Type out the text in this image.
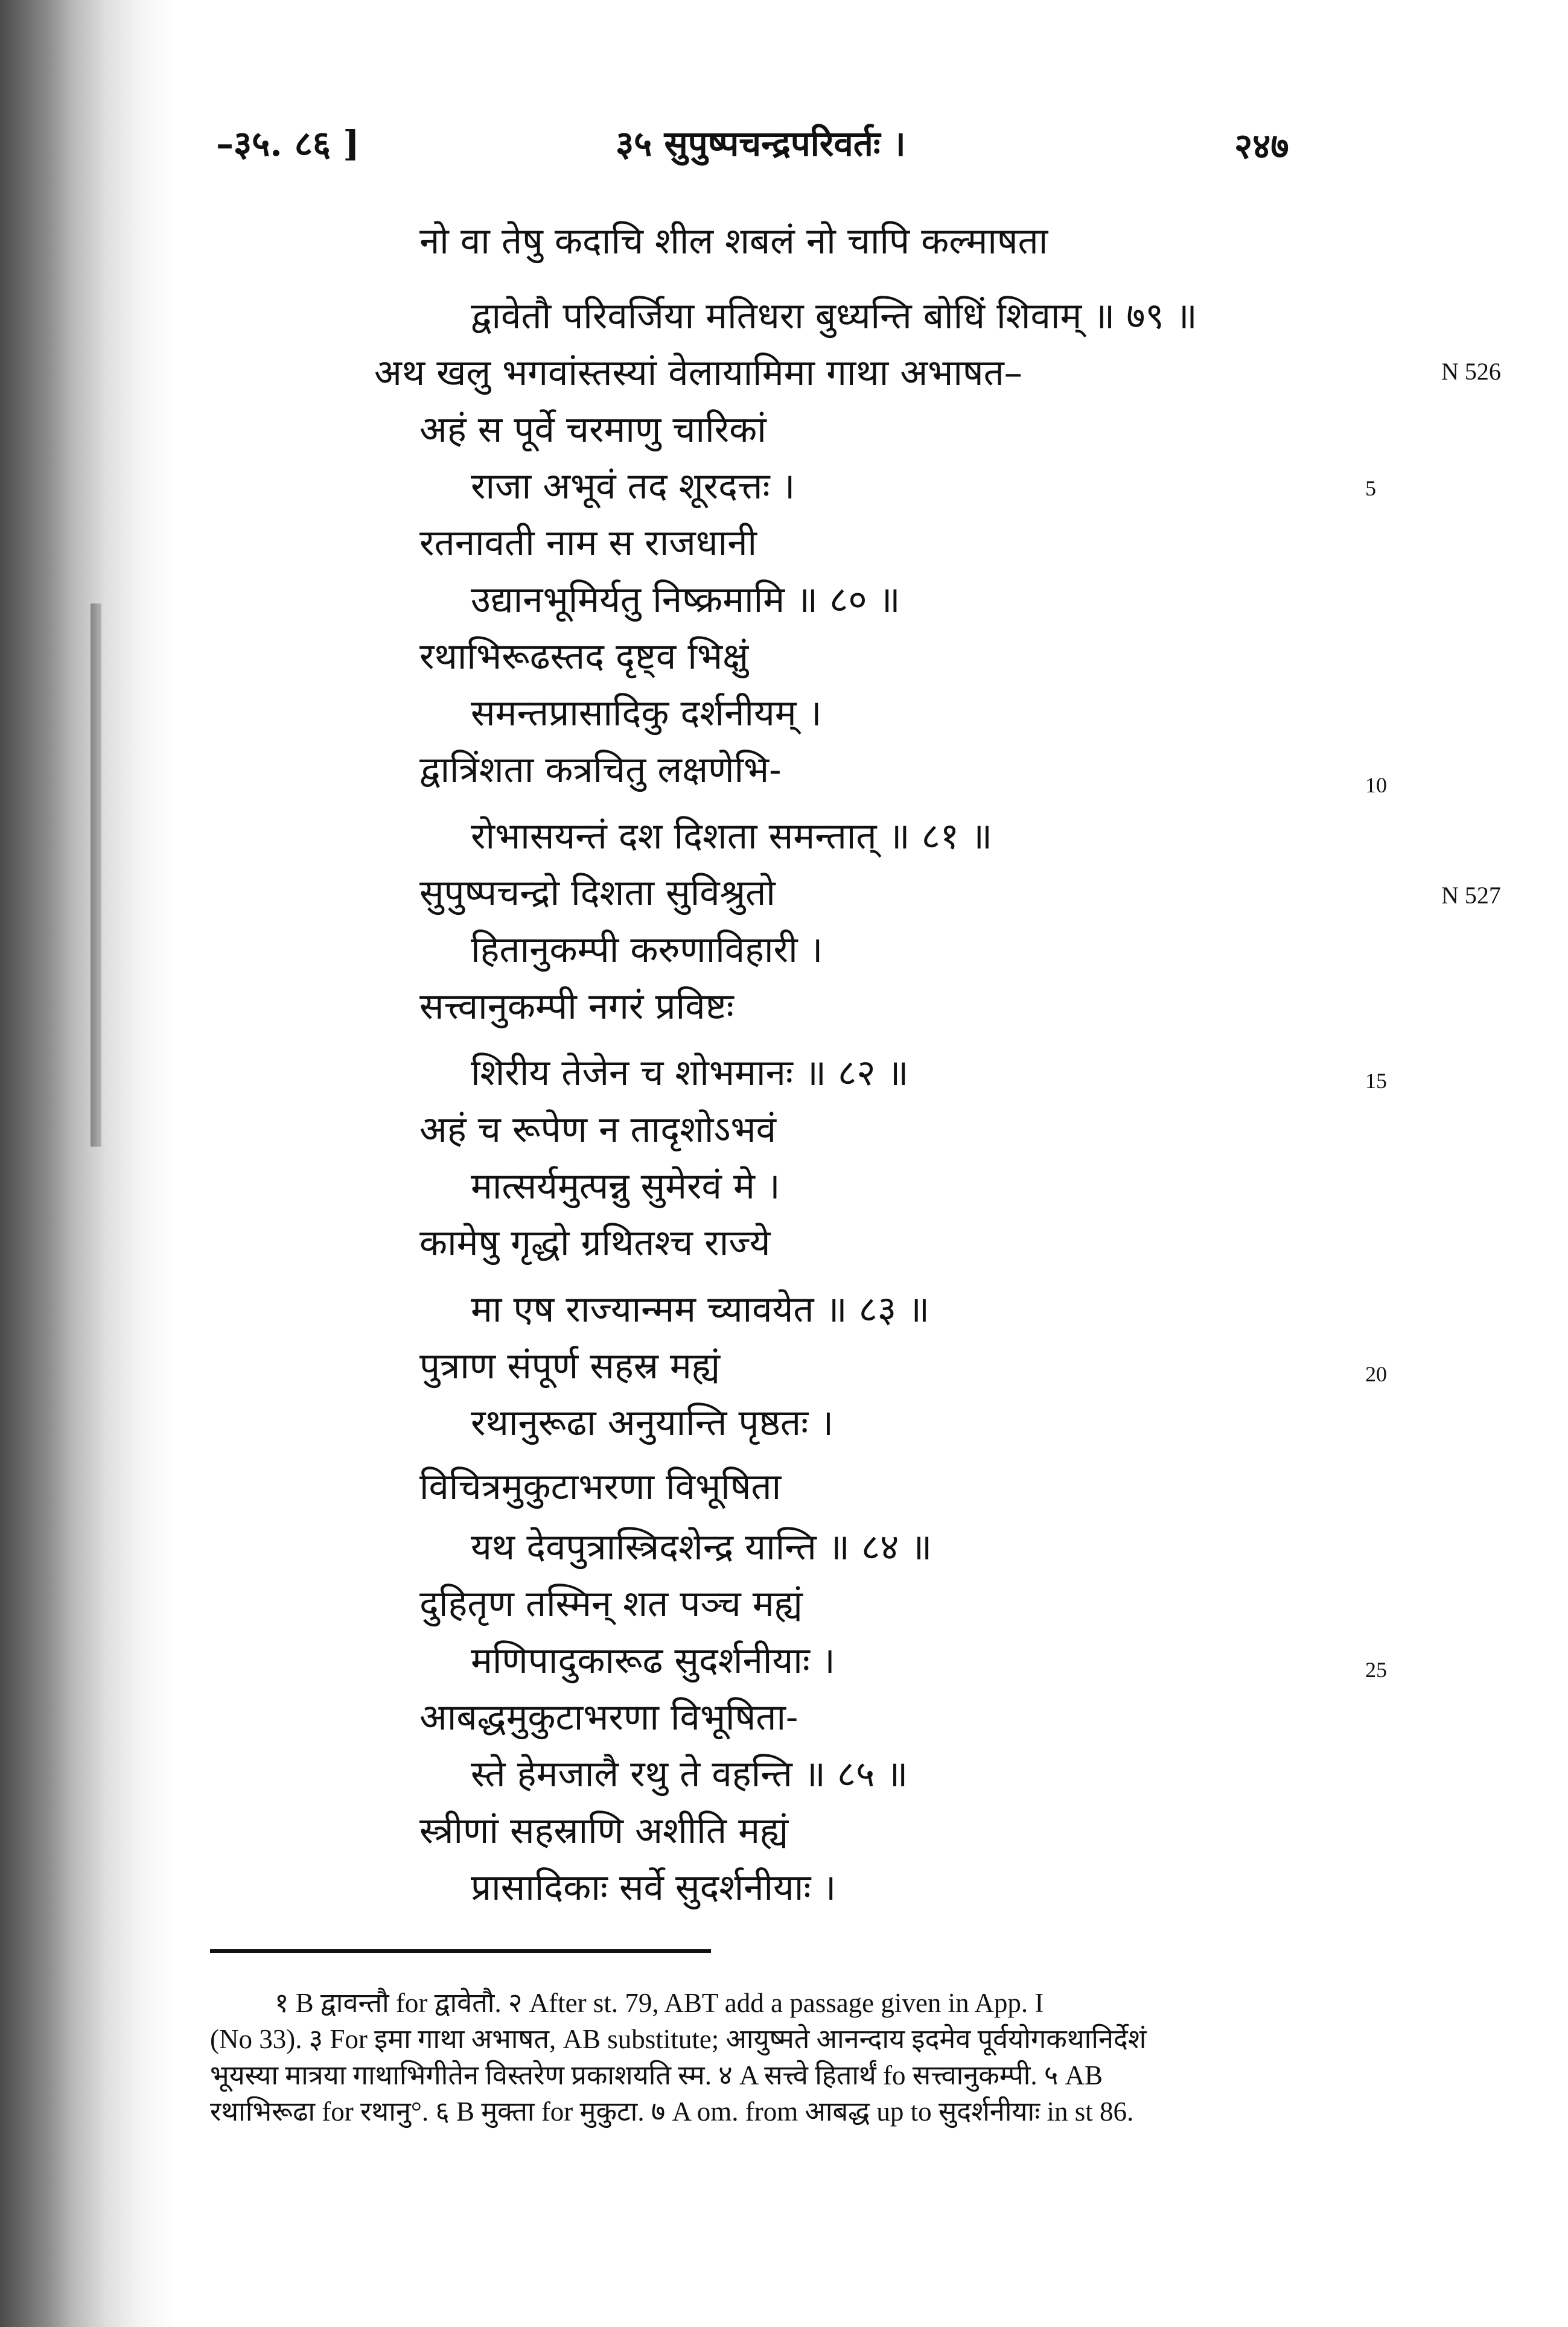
–३५. ८६ ]	३५ सुपुष्पचन्द्रपरिवर्तः ।	२४७
नो वा तेषु कदाचि शील शबलं नो चापि कल्माषता
द्वावेतौ परिवर्जिया मतिधरा बुध्यन्ति बोधिं शिवाम् ॥ ७९ ॥
अथ खलु भगवांस्तस्यां वेलायामिमा गाथा अभाषत–
अहं स पूर्वे चरमाणु चारिकां
राजा अभूवं तद शूरदत्तः ।
रतनावती नाम स राजधानी
उद्यानभूमिर्यतु निष्क्रमामि ॥ ८० ॥
रथाभिरूढस्तद दृष्ट्व भिक्षुं
समन्तप्रासादिकु दर्शनीयम् ।
द्वात्रिंशता कत्रचितु लक्षणेभि-
रोभासयन्तं दश दिशता समन्तात् ॥ ८१ ॥
सुपुष्पचन्द्रो दिशता सुविश्रुतो
हितानुकम्पी करुणाविहारी ।
सत्त्वानुकम्पी नगरं प्रविष्टः
शिरीय तेजेन च शोभमानः ॥ ८२ ॥
अहं च रूपेण न तादृशोऽभवं
मात्सर्यमुत्पन्नु सुमेरवं मे ।
कामेषु गृद्धो ग्रथितश्च राज्ये
मा एष राज्यान्मम च्यावयेत ॥ ८३ ॥
पुत्राण संपूर्ण सहस्र मह्यं
रथानुरूढा अनुयान्ति पृष्ठतः ।
विचित्रमुकुटाभरणा विभूषिता
यथ देवपुत्रास्त्रिदशेन्द्र यान्ति ॥ ८४ ॥
दुहितृण तस्मिन् शत पञ्च मह्यं
मणिपादुकारूढ सुदर्शनीयाः ।
आबद्धमुकुटाभरणा विभूषिता-
स्ते हेमजालै रथु ते वहन्ति ॥ ८५ ॥
स्त्रीणां सहस्राणि अशीति मह्यं
प्रासादिकाः सर्वे सुदर्शनीयाः ।
5
10
15
20
25
N 526
N 527
१ B द्वावन्तौ for द्वावेतौ. २ After st. 79, ABT add a passage given in App. I
(No 33). ३ For इमा गाथा अभाषत, AB substitute; आयुष्मते आनन्दाय इदमेव पूर्वयोगकथानिर्देशं
भूयस्या मात्रया गाथाभिगीतेन विस्तरेण प्रकाशयति स्म. ४ A सत्त्वे हितार्थं fo सत्त्वानुकम्पी. ५ AB
रथाभिरूढा for रथानु°. ६ B मुक्ता for मुकुटा. ७ A om. from आबद्ध up to सुदर्शनीयाः in st 86.
